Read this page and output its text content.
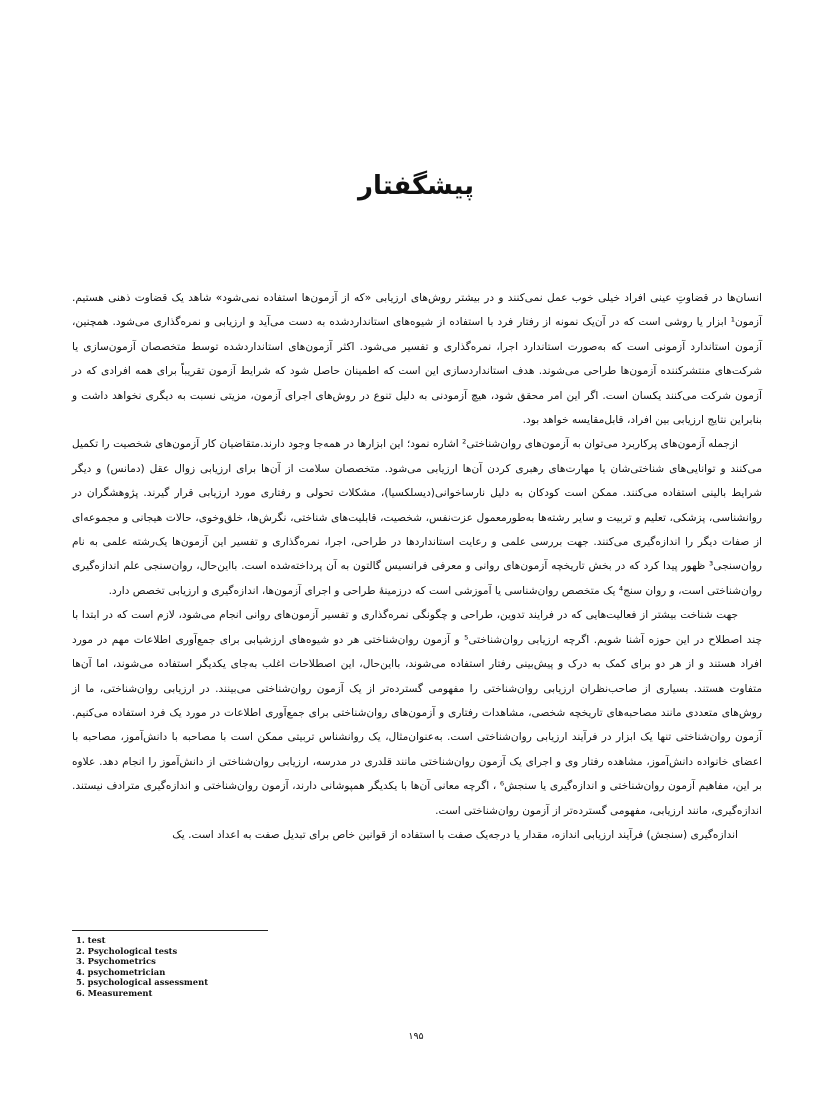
پیشگفتار

انسان‌ها در قضاوتِ عینی افراد خیلی خوب عمل نمی‌کنند و در بیشتر روش‌های ارزیابی «که از آزمون‌ها استفاده نمی‌شود» شاهد یک قضاوت ذهنی هستیم. آزمون¹ ابزار یا روشی است که در آن‌یک نمونه از رفتار فرد با استفاده از شیوه‌های استانداردشده به دست می‌آید و ارزیابی و نمره‌گذاری می‌شود. همچنین، آزمون استاندارد آزمونی است که به‌صورت استاندارد اجرا، نمره‌گذاری و تفسیر می‌شود. اکثر آزمون‌های استانداردشده توسط متخصصان آزمون‌سازی یا شرکت‌های منتشرکننده آزمون‌ها طراحی می‌شوند. هدف استانداردسازی این است که اطمینان حاصل شود که شرایط آزمون تقریباً برای همه افرادی که در آزمون شرکت می‌کنند یکسان است. اگر این امر محقق شود، هیچ آزمودنی به دلیل تنوع در روش‌های اجرای آزمون، مزیتی نسبت به دیگری نخواهد داشت و بنابراین نتایج ارزیابی بین افراد، قابل‌مقایسه خواهد بود.

ازجمله آزمون‌های پرکاربرد می‌توان به آزمون‌های روان‌شناختی² اشاره نمود؛ این ابزارها در همه‌جا وجود دارند.متقاضیان کار آزمون‌های شخصیت را تکمیل می‌کنند و توانایی‌های شناختی‌شان یا مهارت‌های رهبری کردن آن‌ها ارزیابی می‌شود. متخصصان سلامت از آن‌ها برای ارزیابی زوال عقل (دمانس) و دیگر شرایط بالینی استفاده می‌کنند. ممکن است کودکان به دلیل نارساخوانی(دیسلکسیا)، مشکلات تحولی و رفتاری مورد ارزیابی قرار گیرند. پژوهشگران در روانشناسی، پزشکی، تعلیم و تربیت و سایر رشته‌ها به‌طورمعمول عزت‌نفس، شخصیت، قابلیت‌های شناختی، نگرش‌ها، خلق‌وخوی، حالات هیجانی و مجموعه‌ای از صفات دیگر را اندازه‌گیری می‌کنند. جهت بررسی علمی و رعایت استانداردها در طراحی، اجرا، نمره‌گذاری و تفسیر این آزمون‌ها یک‌رشته علمی به نام روان‌سنجی³ ظهور پیدا کرد که در بخش تاریخچه آزمون‌های روانی و معرفی فرانسیس گالتون به آن پرداخته‌شده است. بااین‌حال، روان‌سنجی علم اندازه‌گیری روان‌شناختی است، و روان سنج⁴ یک متخصص روان‌شناسی یا آموزشی است که درزمینهٔ طراحی و اجرای آزمون‌ها، اندازه‌گیری و ارزیابی تخصص دارد.

جهت شناخت بیشتر از فعالیت‌هایی که در فرایند تدوین، طراحی و چگونگی نمره‌گذاری و تفسیر آزمون‌های روانی انجام می‌شود، لازم است که در ابتدا با چند اصطلاح در این حوزه آشنا شویم. اگرچه ارزیابی روان‌شناختی⁵ و آزمون روان‌شناختی هر دو شیوه‌های ارزشیابی برای جمع‌آوری اطلاعات مهم در مورد افراد هستند و از هر دو برای کمک به درک و پیش‌بینی رفتار استفاده می‌شوند، بااین‌حال، این اصطلاحات اغلب به‌جای یکدیگر استفاده می‌شوند، اما آن‌ها متفاوت هستند. بسیاری از صاحب‌نظران ارزیابی روان‌شناختی را مفهومی گسترده‌تر از یک آزمون روان‌شناختی می‌بینند. در ارزیابی روان‌شناختی، ما از روش‌های متعددی مانند مصاحبه‌های تاریخچه شخصی، مشاهدات رفتاری و آزمون‌های روان‌شناختی برای جمع‌آوری اطلاعات در مورد یک فرد استفاده می‌کنیم. آزمون روان‌شناختی تنها یک ابزار در فرآیند ارزیابی روان‌شناختی است. به‌عنوان‌مثال، یک روانشناس تربیتی ممکن است با مصاحبه با دانش‌آموز، مصاحبه با اعضای خانواده دانش‌آموز، مشاهده رفتار وی و اجرای یک آزمون روان‌شناختی مانند قلدری در مدرسه، ارزیابی روان‌شناختی از دانش‌آموز را انجام دهد. علاوه بر این، مفاهیم آزمون روان‌شناختی و اندازه‌گیری یا سنجش⁶ ، اگرچه معانی آن‌ها با یکدیگر همپوشانی دارند، آزمون روان‌شناختی و اندازه‌گیری مترادف نیستند. اندازه‌گیری، مانند ارزیابی، مفهومی گسترده‌تر از آزمون روان‌شناختی است.

اندازه‌گیری (سنجش) فرآیند ارزیابی اندازه، مقدار یا درجه‌یک صفت با استفاده از قوانین خاص برای تبدیل صفت به اعداد است. یک

1. test
2. Psychological tests
3. Psychometrics
4. psychometrician
5. psychological assessment
6. Measurement
۱۹۵
